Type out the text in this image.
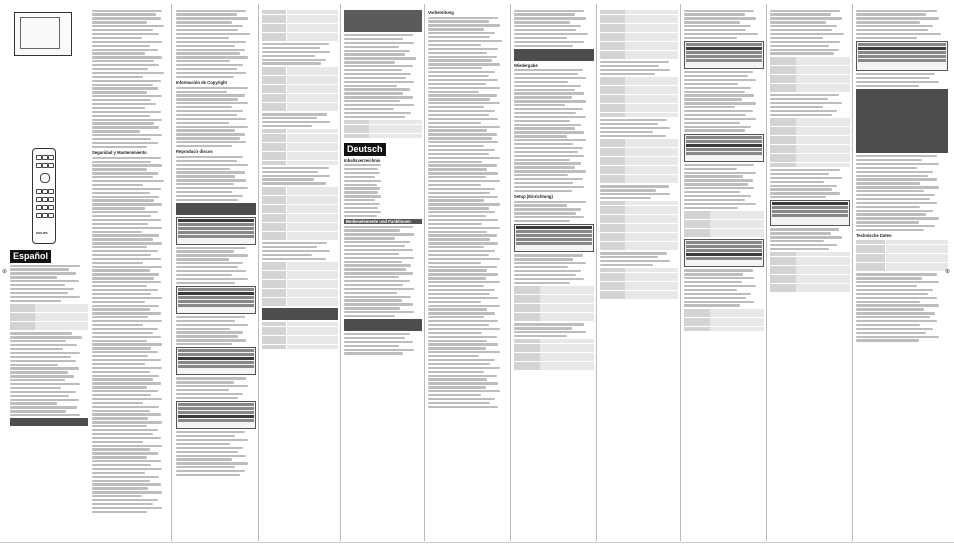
PHILIPS
Español

Seguridad y Mantenimiento
Información de Copyright
Reproducir discos

	Deutsch
Inhaltsverzeichnis
Bedienelemente und Funktionen

Vorbereitung

Wiedergabe
Setup (Einrichtung)

Technische Daten
⊕	⊕
